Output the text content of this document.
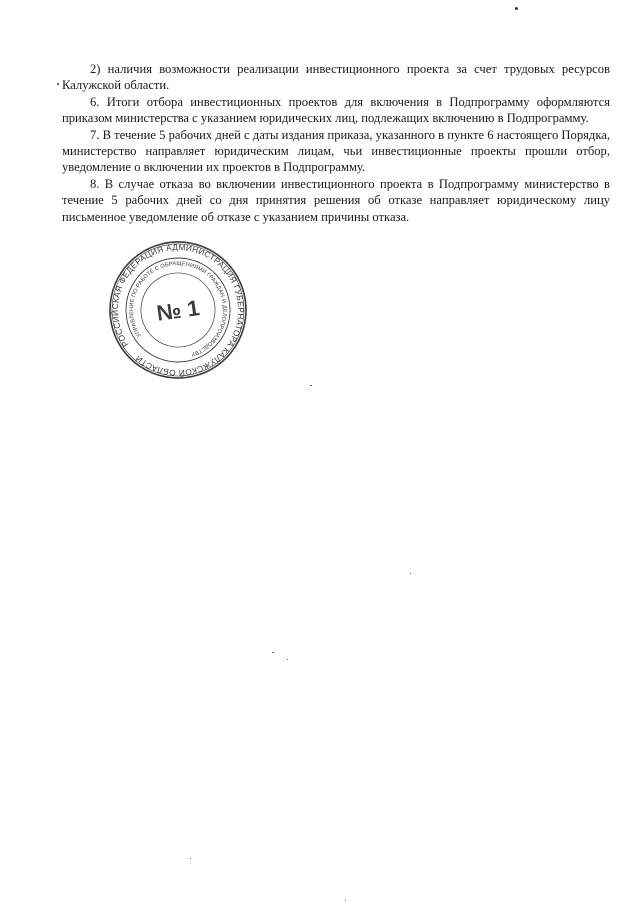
2) наличия возможности реализации инвестиционного проекта за счет трудовых ресурсов Калужской области.

6. Итоги отбора инвестиционных проектов для включения в Подпрограмму оформляются приказом министерства с указанием юридических лиц, подлежащих включению в Подпрограмму.

7. В течение 5 рабочих дней с даты издания приказа, указанного в пункте 6 настоящего Порядка, министерство направляет юридическим лицам, чьи инвестиционные проекты прошли отбор, уведомление о включении их проектов в Подпрограмму.

8. В случае отказа во включении инвестиционного проекта в Подпрограмму министерство в течение 5 рабочих дней со дня принятия решения об отказе направляет юридическому лицу письменное уведомление об отказе с указанием причины отказа.

РОССИЙСКАЯ ФЕДЕРАЦИЯ АДМИНИСТРАЦИЯ ГУБЕРНАТОРА КАЛУЖСКОЙ ОБЛАСТИ
УПРАВЛЕНИЕ ПО РАБОТЕ С ОБРАЩЕНИЯМИ ГРАЖДАН И ДЕЛОПРОИЗВОДСТВУ
№ 1
